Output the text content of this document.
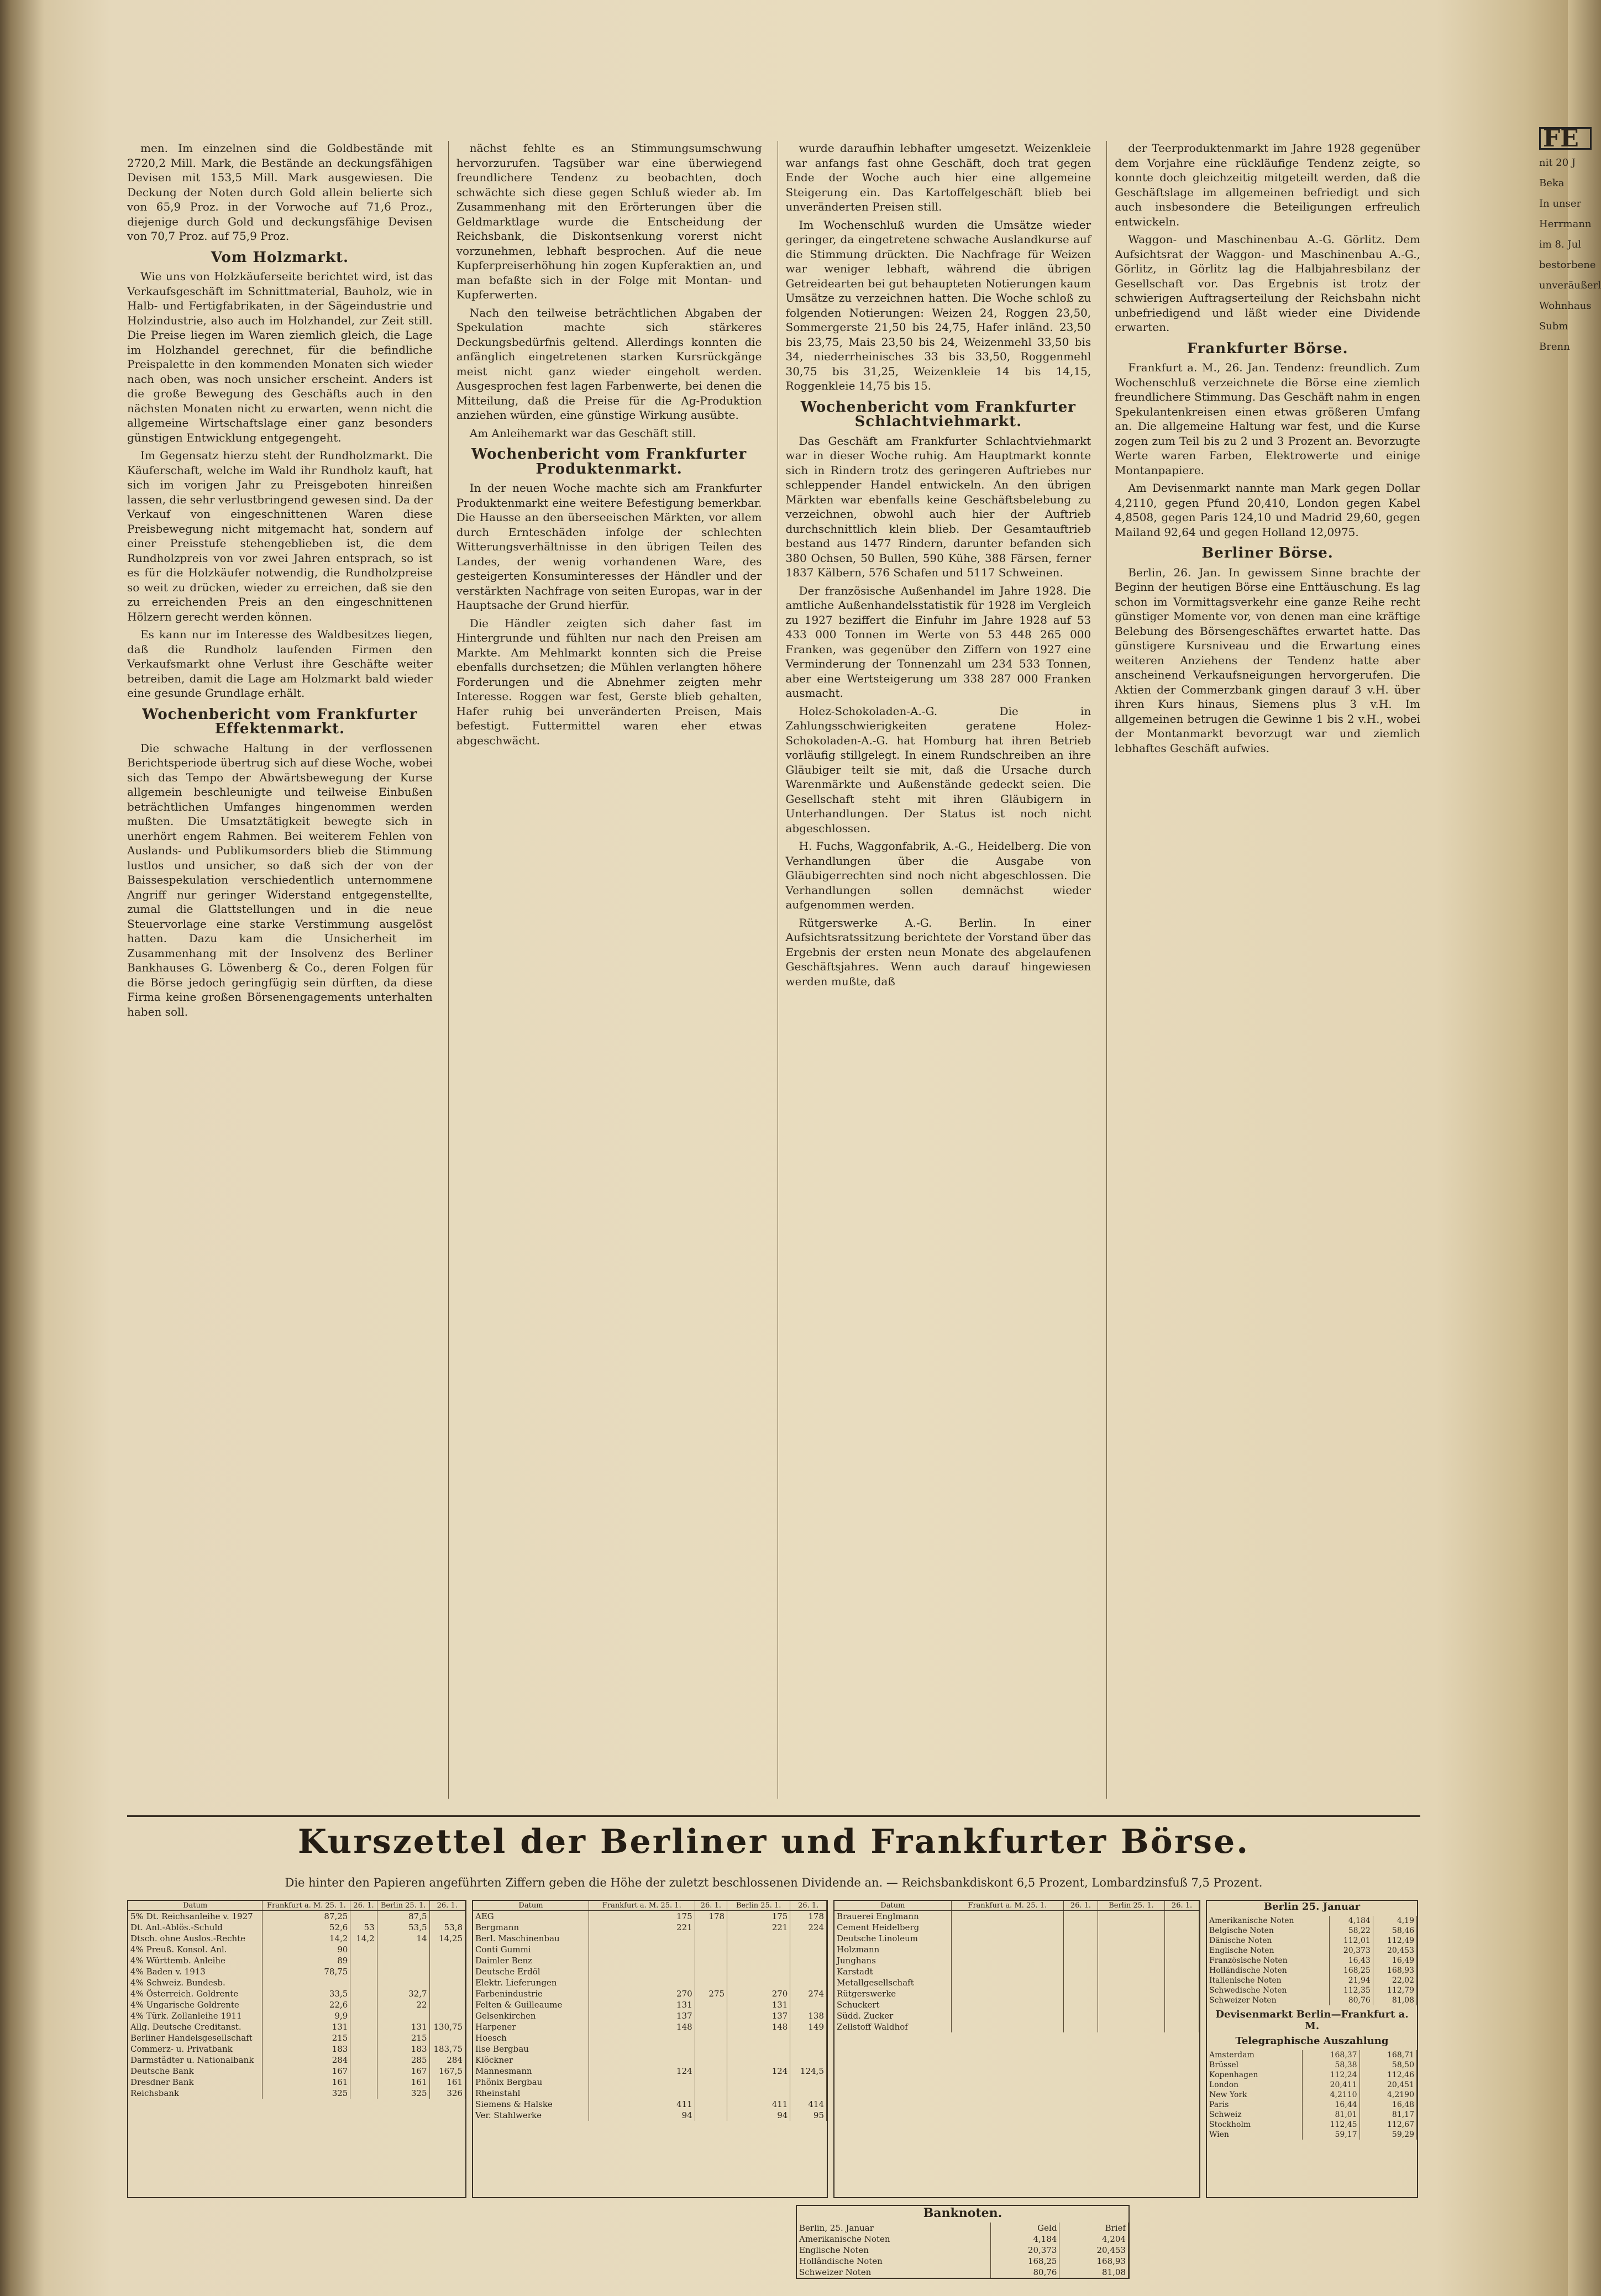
men. Im einzelnen sind die Goldbestände mit 2720,2 Mill. Mark, die Bestände an deckungsfähigen Devisen mit 153,5 Mill. Mark ausgewiesen. Die Deckung der Noten durch Gold allein belierte sich von 65,9 Proz. in der Vorwoche auf 71,6 Proz., diejenige durch Gold und deckungsfähige Devisen von 70,7 Proz. auf 75,9 Proz.

Vom Holzmarkt.

Wie uns von Holzkäuferseite berichtet wird, ist das Verkaufsgeschäft im Schnittmaterial, Bauholz, wie in Halb- und Fertigfabrikaten, in der Sägeindustrie und Holzindustrie, also auch im Holzhandel, zur Zeit still. Die Preise liegen im Waren ziemlich gleich, die Lage im Holzhandel gerechnet, für die befindliche Preispalette in den kommenden Monaten sich wieder nach oben, was noch unsicher erscheint. Anders ist die große Bewegung des Geschäfts auch in den nächsten Monaten nicht zu erwarten, wenn nicht die allgemeine Wirtschaftslage einer ganz besonders günstigen Entwicklung entgegengeht.

Im Gegensatz hierzu steht der Rundholzmarkt. Die Käuferschaft, welche im Wald ihr Rundholz kauft, hat sich im vorigen Jahr zu Preisgeboten hinreißen lassen, die sehr verlustbringend gewesen sind. Da der Verkauf von eingeschnittenen Waren diese Preisbewegung nicht mitgemacht hat, sondern auf einer Preisstufe stehengeblieben ist, die dem Rundholzpreis von vor zwei Jahren entsprach, so ist es für die Holzkäufer notwendig, die Rundholzpreise so weit zu drücken, wieder zu erreichen, daß sie den zu erreichenden Preis an den eingeschnittenen Hölzern gerecht werden können.

Es kann nur im Interesse des Waldbesitzes liegen, daß die Rundholz laufenden Firmen den Verkaufsmarkt ohne Verlust ihre Geschäfte weiter betreiben, damit die Lage am Holzmarkt bald wieder eine gesunde Grundlage erhält.

Wochenbericht vom Frankfurter Effektenmarkt.

Die schwache Haltung in der verflossenen Berichtsperiode übertrug sich auf diese Woche, wobei sich das Tempo der Abwärtsbewegung der Kurse allgemein beschleunigte und teilweise Einbußen beträchtlichen Umfanges hingenommen werden mußten. Die Umsatztätigkeit bewegte sich in unerhört engem Rahmen. Bei weiterem Fehlen von Auslands- und Publikumsorders blieb die Stimmung lustlos und unsicher, so daß sich der von der Baissespekulation verschiedentlich unternommene Angriff nur geringer Widerstand entgegenstellte, zumal die Glattstellungen und in die neue Steuervorlage eine starke Verstimmung ausgelöst hatten. Dazu kam die Unsicherheit im Zusammenhang mit der Insolvenz des Berliner Bankhauses G. Löwenberg & Co., deren Folgen für die Börse jedoch geringfügig sein dürften, da diese Firma keine großen Börsenengagements unterhalten haben soll.

nächst fehlte es an Stimmungsumschwung hervorzurufen. Tagsüber war eine überwiegend freundlichere Tendenz zu beobachten, doch schwächte sich diese gegen Schluß wieder ab. Im Zusammenhang mit den Erörterungen über die Geldmarktlage wurde die Entscheidung der Reichsbank, die Diskontsenkung vorerst nicht vorzunehmen, lebhaft besprochen. Auf die neue Kupferpreiserhöhung hin zogen Kupferaktien an, und man befaßte sich in der Folge mit Montan- und Kupferwerten.

Nach den teilweise beträchtlichen Abgaben der Spekulation machte sich stärkeres Deckungsbedürfnis geltend. Allerdings konnten die anfänglich eingetretenen starken Kursrückgänge meist nicht ganz wieder eingeholt werden. Ausgesprochen fest lagen Farbenwerte, bei denen die Mitteilung, daß die Preise für die Ag-Produktion anziehen würden, eine günstige Wirkung ausübte.

Am Anleihemarkt war das Geschäft still.

Wochenbericht vom Frankfurter Produktenmarkt.

In der neuen Woche machte sich am Frankfurter Produktenmarkt eine weitere Befestigung bemerkbar. Die Hausse an den überseeischen Märkten, vor allem durch Ernteschäden infolge der schlechten Witterungsverhältnisse in den übrigen Teilen des Landes, der wenig vorhandenen Ware, des gesteigerten Konsuminteresses der Händler und der verstärkten Nachfrage von seiten Europas, war in der Hauptsache der Grund hierfür.

Die Händler zeigten sich daher fast im Hintergrunde und fühlten nur nach den Preisen am Markte. Am Mehlmarkt konnten sich die Preise ebenfalls durchsetzen; die Mühlen verlangten höhere Forderungen und die Abnehmer zeigten mehr Interesse. Roggen war fest, Gerste blieb gehalten, Hafer ruhig bei unveränderten Preisen, Mais befestigt. Futtermittel waren eher etwas abgeschwächt.

wurde daraufhin lebhafter umgesetzt. Weizenkleie war anfangs fast ohne Geschäft, doch trat gegen Ende der Woche auch hier eine allgemeine Steigerung ein. Das Kartoffelgeschäft blieb bei unveränderten Preisen still.

Im Wochenschluß wurden die Umsätze wieder geringer, da eingetretene schwache Auslandkurse auf die Stimmung drückten. Die Nachfrage für Weizen war weniger lebhaft, während die übrigen Getreidearten bei gut behaupteten Notierungen kaum Umsätze zu verzeichnen hatten. Die Woche schloß zu folgenden Notierungen: Weizen 24, Roggen 23,50, Sommergerste 21,50 bis 24,75, Hafer inländ. 23,50 bis 23,75, Mais 23,50 bis 24, Weizenmehl 33,50 bis 34, niederrheinisches 33 bis 33,50, Roggenmehl 30,75 bis 31,25, Weizenkleie 14 bis 14,15, Roggenkleie 14,75 bis 15.

Wochenbericht vom Frankfurter Schlachtviehmarkt.

Das Geschäft am Frankfurter Schlachtviehmarkt war in dieser Woche ruhig. Am Hauptmarkt konnte sich in Rindern trotz des geringeren Auftriebes nur schleppender Handel entwickeln. An den übrigen Märkten war ebenfalls keine Geschäftsbelebung zu verzeichnen, obwohl auch hier der Auftrieb durchschnittlich klein blieb. Der Gesamtauftrieb bestand aus 1477 Rindern, darunter befanden sich 380 Ochsen, 50 Bullen, 590 Kühe, 388 Färsen, ferner 1837 Kälbern, 576 Schafen und 5117 Schweinen.

Der französische Außenhandel im Jahre 1928. Die amtliche Außenhandelsstatistik für 1928 im Vergleich zu 1927 beziffert die Einfuhr im Jahre 1928 auf 53 433 000 Tonnen im Werte von 53 448 265 000 Franken, was gegenüber den Ziffern von 1927 eine Verminderung der Tonnenzahl um 234 533 Tonnen, aber eine Wertsteigerung um 338 287 000 Franken ausmacht.

Holez-Schokoladen-A.-G. Die in Zahlungsschwierigkeiten geratene Holez-Schokoladen-A.-G. hat Homburg hat ihren Betrieb vorläufig stillgelegt. In einem Rundschreiben an ihre Gläubiger teilt sie mit, daß die Ursache durch Warenmärkte und Außenstände gedeckt seien. Die Gesellschaft steht mit ihren Gläubigern in Unterhandlungen. Der Status ist noch nicht abgeschlossen.

H. Fuchs, Waggonfabrik, A.-G., Heidelberg. Die von Verhandlungen über die Ausgabe von Gläubigerrechten sind noch nicht abgeschlossen. Die Verhandlungen sollen demnächst wieder aufgenommen werden.

Rütgerswerke A.-G. Berlin. In einer Aufsichtsratssitzung berichtete der Vorstand über das Ergebnis der ersten neun Monate des abgelaufenen Geschäftsjahres. Wenn auch darauf hingewiesen werden mußte, daß

der Teerproduktenmarkt im Jahre 1928 gegenüber dem Vorjahre eine rückläufige Tendenz zeigte, so konnte doch gleichzeitig mitgeteilt werden, daß die Geschäftslage im allgemeinen befriedigt und sich auch insbesondere die Beteiligungen erfreulich entwickeln.

Waggon- und Maschinenbau A.-G. Görlitz. Dem Aufsichtsrat der Waggon- und Maschinenbau A.-G., Görlitz, in Görlitz lag die Halbjahresbilanz der Gesellschaft vor. Das Ergebnis ist trotz der schwierigen Auftragserteilung der Reichsbahn nicht unbefriedigend und läßt wieder eine Dividende erwarten.

Frankfurter Börse.

Frankfurt a. M., 26. Jan. Tendenz: freundlich. Zum Wochenschluß verzeichnete die Börse eine ziemlich freundlichere Stimmung. Das Geschäft nahm in engen Spekulantenkreisen einen etwas größeren Umfang an. Die allgemeine Haltung war fest, und die Kurse zogen zum Teil bis zu 2 und 3 Prozent an. Bevorzugte Werte waren Farben, Elektrowerte und einige Montanpapiere.

Am Devisenmarkt nannte man Mark gegen Dollar 4,2110, gegen Pfund 20,410, London gegen Kabel 4,8508, gegen Paris 124,10 und Madrid 29,60, gegen Mailand 92,64 und gegen Holland 12,0975.

Berliner Börse.

Berlin, 26. Jan. In gewissem Sinne brachte der Beginn der heutigen Börse eine Enttäuschung. Es lag schon im Vormittagsverkehr eine ganze Reihe recht günstiger Momente vor, von denen man eine kräftige Belebung des Börsengeschäftes erwartet hatte. Das günstigere Kursniveau und die Erwartung eines weiteren Anziehens der Tendenz hatte aber anscheinend Verkaufsneigungen hervorgerufen. Die Aktien der Commerzbank gingen darauf 3 v.H. über ihren Kurs hinaus, Siemens plus 3 v.H. Im allgemeinen betrugen die Gewinne 1 bis 2 v.H., wobei der Montanmarkt bevorzugt war und ziemlich lebhaftes Geschäft aufwies.

Kurszettel der Berliner und Frankfurter Börse.
Die hinter den Papieren angeführten Ziffern geben die Höhe der zuletzt beschlossenen Dividende an. — Reichsbankdiskont 6,5 Prozent, Lombardzinsfuß 7,5 Prozent.
Datum	Frankfurt a. M. 25. 1.	26. 1.	Berlin 25. 1.	26. 1.
5% Dt. Reichsanleihe v. 1927	87,25		87,5	
Dt. Anl.-Ablös.-Schuld	52,6	53	53,5	53,8
Dtsch. ohne Auslos.-Rechte	14,2	14,2	14	14,25
4% Preuß. Konsol. Anl.	90			
4% Württemb. Anleihe	89			
4% Baden v. 1913	78,75			
4% Schweiz. Bundesb.				
4% Österreich. Goldrente	33,5		32,7	
4% Ungarische Goldrente	22,6		22	
4% Türk. Zollanleihe 1911	9,9			
Allg. Deutsche Creditanst.	131		131	130,75
Berliner Handelsgesellschaft	215		215	
Commerz- u. Privatbank	183		183	183,75
Darmstädter u. Nationalbank	284		285	284
Deutsche Bank	167		167	167,5
Dresdner Bank	161		161	161
Reichsbank	325		325	326
Datum	Frankfurt a. M. 25. 1.	26. 1.	Berlin 25. 1.	26. 1.
AEG	175	178	175	178
Bergmann	221		221	224
Berl. Maschinenbau				
Conti Gummi				
Daimler Benz				
Deutsche Erdöl				
Elektr. Lieferungen				
Farbenindustrie	270	275	270	274
Felten & Guilleaume	131		131	
Gelsenkirchen	137		137	138
Harpener	148		148	149
Hoesch				
Ilse Bergbau				
Klöckner				
Mannesmann	124		124	124,5
Phönix Bergbau				
Rheinstahl				
Siemens & Halske	411		411	414
Ver. Stahlwerke	94		94	95
Datum	Frankfurt a. M. 25. 1.	26. 1.	Berlin 25. 1.	26. 1.
Brauerei Englmann				
Cement Heidelberg				
Deutsche Linoleum				
Holzmann				
Junghans				
Karstadt				
Metallgesellschaft				
Rütgerswerke				
Schuckert				
Südd. Zucker				
Zellstoff Waldhof				
Berlin 25. Januar
Amerikanische Noten	4,184	4,19
Belgische Noten	58,22	58,46
Dänische Noten	112,01	112,49
Englische Noten	20,373	20,453
Französische Noten	16,43	16,49
Holländische Noten	168,25	168,93
Italienische Noten	21,94	22,02
Schwedische Noten	112,35	112,79
Schweizer Noten	80,76	81,08
Devisenmarkt Berlin—Frankfurt a. M.
Telegraphische Auszahlung
Amsterdam	168,37	168,71
Brüssel	58,38	58,50
Kopenhagen	112,24	112,46
London	20,411	20,451
New York	4,2110	4,2190
Paris	16,44	16,48
Schweiz	81,01	81,17
Stockholm	112,45	112,67
Wien	59,17	59,29
Banknoten.
Berlin, 25. Januar	Geld	Brief
Amerikanische Noten	4,184	4,204
Englische Noten	20,373	20,453
Holländische Noten	168,25	168,93
Schweizer Noten	80,76	81,08
FE

nit 20 J

Beka

In unser

Herrmann

im 8. Jul

bestorbene

unveräußerl

Wohnhaus

Subm

Brenn
